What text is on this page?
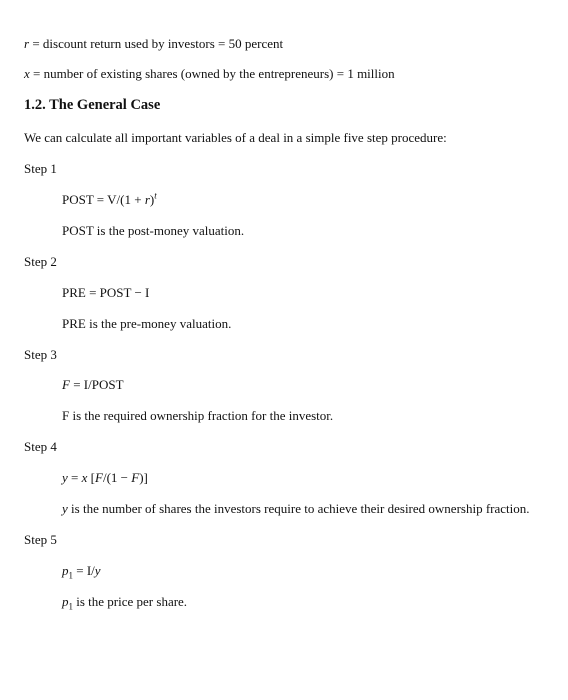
r = discount return used by investors = 50 percent
x = number of existing shares (owned by the entrepreneurs) = 1 million
1.2. The General Case
We can calculate all important variables of a deal in a simple five step procedure:
Step 1
POST = $V/(1 + r)^t$
POST is the post-money valuation.
Step 2
PRE = POST − I
PRE is the pre-money valuation.
Step 3
F = I/POST
F is the required ownership fraction for the investor.
Step 4
y = x [F/(1 − F)]
y is the number of shares the investors require to achieve their desired ownership fraction.
Step 5
$p_1 = I/y$
$p_1$ is the price per share.
